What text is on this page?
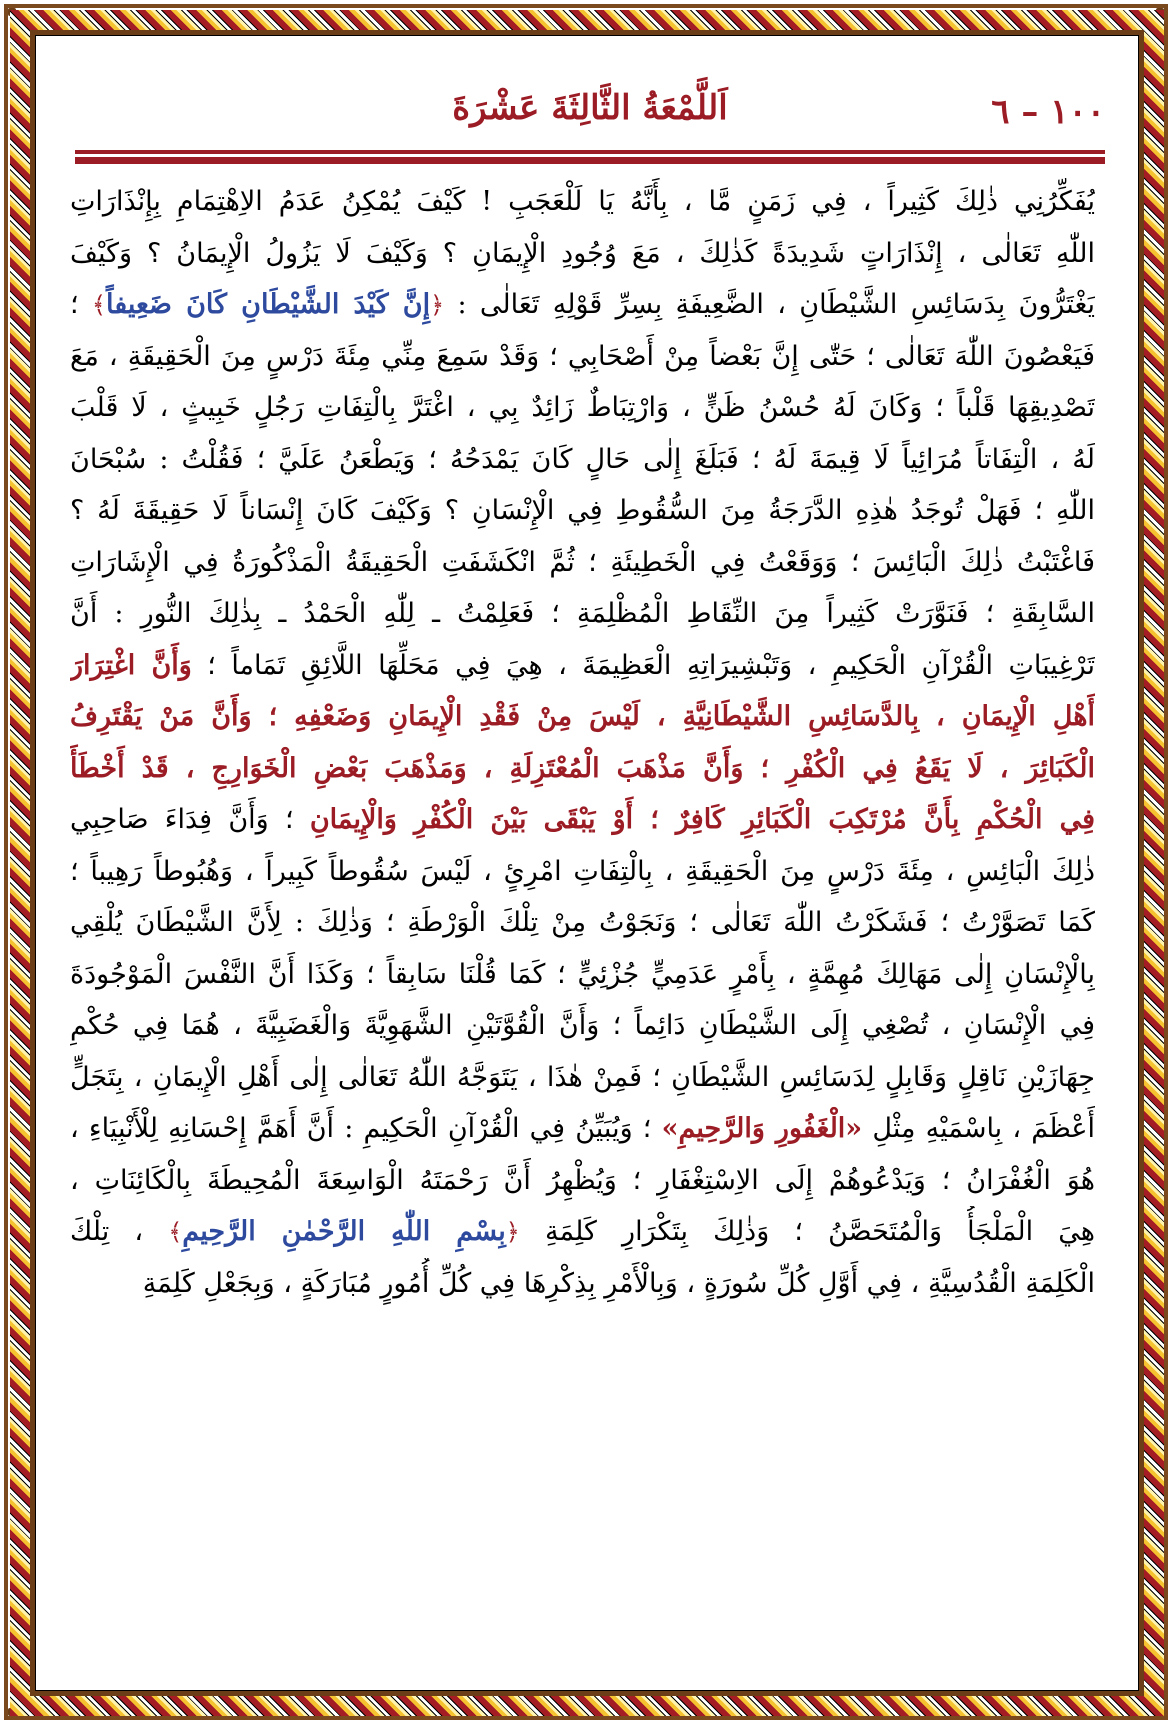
١٠٠ – ٦
اَللَّمْعَةُ الثَّالِثَةَ عَشْرَةَ
يُفَكِّرُنِي ذٰلِكَ كَثِيراً ، فِي زَمَنٍ مَّا ، بِأَنَّهُ يَا لَلْعَجَبِ ! كَيْفَ يُمْكِنُ عَدَمُ الاِهْتِمَامِ بِإِنْذَارَاتِ
اللّٰهِ تَعَالٰى ، إِنْذَارَاتٍ شَدِيدَةً كَذٰلِكَ ، مَعَ وُجُودِ الْإِيمَانِ ؟ وَكَيْفَ لَا يَزُولُ الْإِيمَانُ ؟ وَكَيْفَ
يَغْتَرُّونَ بِدَسَائِسِ الشَّيْطَانِ ، الضَّعِيفَةِ بِسِرِّ قَوْلِهِ تَعَالٰى : ﴿إِنَّ كَيْدَ الشَّيْطَانِ كَانَ ضَعِيفاً﴾ ؛
فَيَعْصُونَ اللّٰهَ تَعَالٰى ؛ حَتّٰى إِنَّ بَعْضاً مِنْ أَصْحَابِي ؛ وَقَدْ سَمِعَ مِنِّي مِئَةَ دَرْسٍ مِنَ الْحَقِيقَةِ ، مَعَ
تَصْدِيقِهَا قَلْباً ؛ وَكَانَ لَهُ حُسْنُ ظَنٍّ ، وَارْتِبَاطٌ زَائِدٌ بِي ، اغْتَرَّ بِالْتِفَاتِ رَجُلٍ خَبِيثٍ ، لَا قَلْبَ
لَهُ ، الْتِفَاتاً مُرَائِياً لَا قِيمَةَ لَهُ ؛ فَبَلَغَ إِلٰى حَالٍ كَانَ يَمْدَحُهُ ؛ وَيَطْعَنُ عَلَيَّ ؛ فَقُلْتُ : سُبْحَانَ
اللّٰهِ ؛ فَهَلْ تُوجَدُ هٰذِهِ الدَّرَجَةُ مِنَ السُّقُوطِ فِي الْإِنْسَانِ ؟ وَكَيْفَ كَانَ إِنْسَاناً لَا حَقِيقَةَ لَهُ ؟
فَاغْتَبْتُ ذٰلِكَ الْبَائِسَ ؛ وَوَقَعْتُ فِي الْخَطِيئَةِ ؛ ثُمَّ انْكَشَفَتِ الْحَقِيقَةُ الْمَذْكُورَةُ فِي الْإِشَارَاتِ
السَّابِقَةِ ؛ فَنَوَّرَتْ كَثِيراً مِنَ النِّقَاطِ الْمُظْلِمَةِ ؛ فَعَلِمْتُ ـ لِلّٰهِ الْحَمْدُ ـ بِذٰلِكَ النُّورِ : أَنَّ
تَرْغِيبَاتِ الْقُرْآنِ الْحَكِيمِ ، وَتَبْشِيرَاتِهِ الْعَظِيمَةَ ، هِيَ فِي مَحَلِّهَا اللَّائِقِ تَمَاماً ؛ وَأَنَّ اغْتِرَارَ
أَهْلِ الْإِيمَانِ ، بِالدَّسَائِسِ الشَّيْطَانِيَّةِ ، لَيْسَ مِنْ فَقْدِ الْإِيمَانِ وَضَعْفِهِ ؛ وَأَنَّ مَنْ يَقْتَرِفُ
الْكَبَائِرَ ، لَا يَقَعُ فِي الْكُفْرِ ؛ وَأَنَّ مَذْهَبَ الْمُعْتَزِلَةِ ، وَمَذْهَبَ بَعْضِ الْخَوَارِجِ ، قَدْ أَخْطَأَ
فِي الْحُكْمِ بِأَنَّ مُرْتَكِبَ الْكَبَائِرِ كَافِرٌ ؛ أَوْ يَبْقَى بَيْنَ الْكُفْرِ وَالْإِيمَانِ ؛ وَأَنَّ فِدَاءَ صَاحِبِي
ذٰلِكَ الْبَائِسِ ، مِئَةَ دَرْسٍ مِنَ الْحَقِيقَةِ ، بِالْتِفَاتِ امْرِئٍ ، لَيْسَ سُقُوطاً كَبِيراً ، وَهُبُوطاً رَهِيباً ؛
كَمَا تَصَوَّرْتُ ؛ فَشَكَرْتُ اللّٰهَ تَعَالٰى ؛ وَنَجَوْتُ مِنْ تِلْكَ الْوَرْطَةِ ؛ وَذٰلِكَ : لِأَنَّ الشَّيْطَانَ يُلْقِي
بِالْإِنْسَانِ إِلٰى مَهَالِكَ مُهِمَّةٍ ، بِأَمْرٍ عَدَمِيٍّ جُزْئِيٍّ ؛ كَمَا قُلْنَا سَابِقاً ؛ وَكَذَا أَنَّ النَّفْسَ الْمَوْجُودَةَ
فِي الْإِنْسَانِ ، تُصْغِي إِلَى الشَّيْطَانِ دَائِماً ؛ وَأَنَّ الْقُوَّتَيْنِ الشَّهَوِيَّةَ وَالْغَضَبِيَّةَ ، هُمَا فِي حُكْمِ
جِهَازَيْنِ نَاقِلٍ وَقَابِلٍ لِدَسَائِسِ الشَّيْطَانِ ؛ فَمِنْ هٰذَا ، يَتَوَجَّهُ اللّٰهُ تَعَالٰى إِلٰى أَهْلِ الْإِيمَانِ ، بِتَجَلٍّ
أَعْظَمَ ، بِاسْمَيْهِ مِثْلِ «الْغَفُورِ وَالرَّحِيمِ» ؛ وَيُبَيِّنُ فِي الْقُرْآنِ الْحَكِيمِ : أَنَّ أَهَمَّ إِحْسَانِهِ لِلْأَنْبِيَاءِ ،
هُوَ الْغُفْرَانُ ؛ وَيَدْعُوهُمْ إِلَى الاِسْتِغْفَارِ ؛ وَيُظْهِرُ أَنَّ رَحْمَتَهُ الْوَاسِعَةَ الْمُحِيطَةَ بِالْكَائِنَاتِ ،
هِيَ الْمَلْجَأُ وَالْمُتَحَصَّنُ ؛ وَذٰلِكَ بِتَكْرَارِ كَلِمَةِ ﴿بِسْمِ اللّٰهِ الرَّحْمٰنِ الرَّحِيمِ﴾ ، تِلْكَ
الْكَلِمَةِ الْقُدُسِيَّةِ ، فِي أَوَّلِ كُلِّ سُورَةٍ ، وَبِالْأَمْرِ بِذِكْرِهَا فِي كُلِّ أُمُورٍ مُبَارَكَةٍ ، وَبِجَعْلِ كَلِمَةِ
